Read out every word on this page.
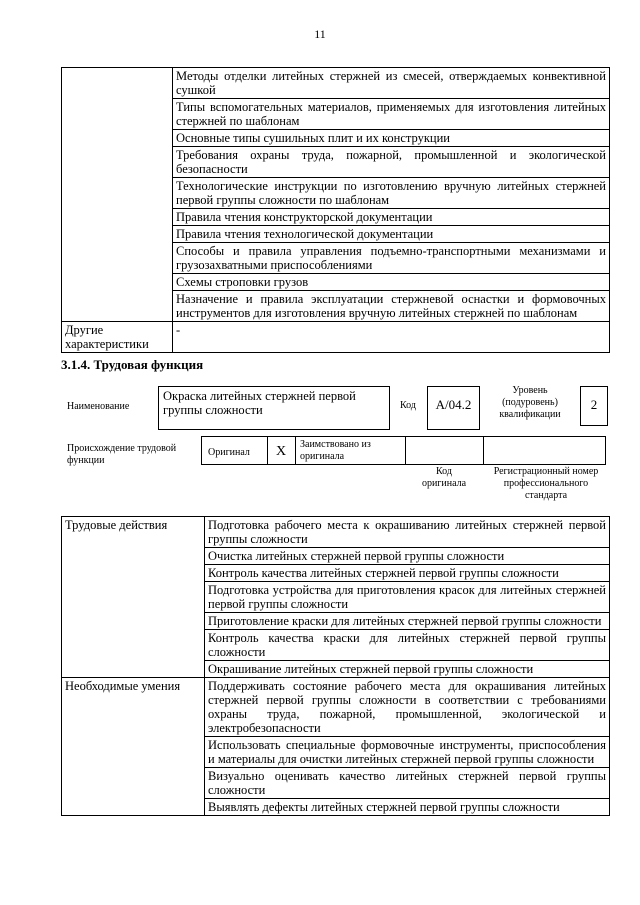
11
	Методы отделки литейных стержней из смесей, отверждаемых конвективной сушкой
	Типы вспомогательных материалов, применяемых для изготовления литейных стержней по шаблонам
	Основные типы сушильных плит и их конструкции
	Требования охраны труда, пожарной, промышленной и экологической безопасности
	Технологические инструкции по изготовлению вручную литейных стержней первой группы сложности по шаблонам
	Правила чтения конструкторской документации
	Правила чтения технологической документации
	Способы и правила управления подъемно-транспортными механизмами и грузозахватными приспособлениями
	Схемы строповки грузов
	Назначение и правила эксплуатации стержневой оснастки и формовочных инструментов для изготовления вручную литейных стержней по шаблонам
Другие характеристики	-
3.1.4. Трудовая функция
Наименование
Окраска литейных стержней первой группы сложности	Код	А/04.2
Уровень (подуровень) квалификации
2
Происхождение трудовой функции
Оригинал X Заимствовано из оригинала
Код оригинала
Регистрационный номер профессионального стандарта
Трудовые действия	Подготовка рабочего места к окрашиванию литейных стержней первой группы сложности
	Очистка литейных стержней первой группы сложности
	Контроль качества литейных стержней первой группы сложности
	Подготовка устройства для приготовления красок для литейных стержней первой группы сложности
	Приготовление краски для литейных стержней первой группы сложности
	Контроль качества краски для литейных стержней первой группы сложности
	Окрашивание литейных стержней первой группы сложности
Необходимые умения	Поддерживать состояние рабочего места для окрашивания литейных стержней первой группы сложности в соответствии с требованиями охраны труда, пожарной, промышленной, экологической и электробезопасности
	Использовать специальные формовочные инструменты, приспособления и материалы для очистки литейных стержней первой группы сложности
	Визуально оценивать качество литейных стержней первой группы сложности
	Выявлять дефекты литейных стержней первой группы сложности
